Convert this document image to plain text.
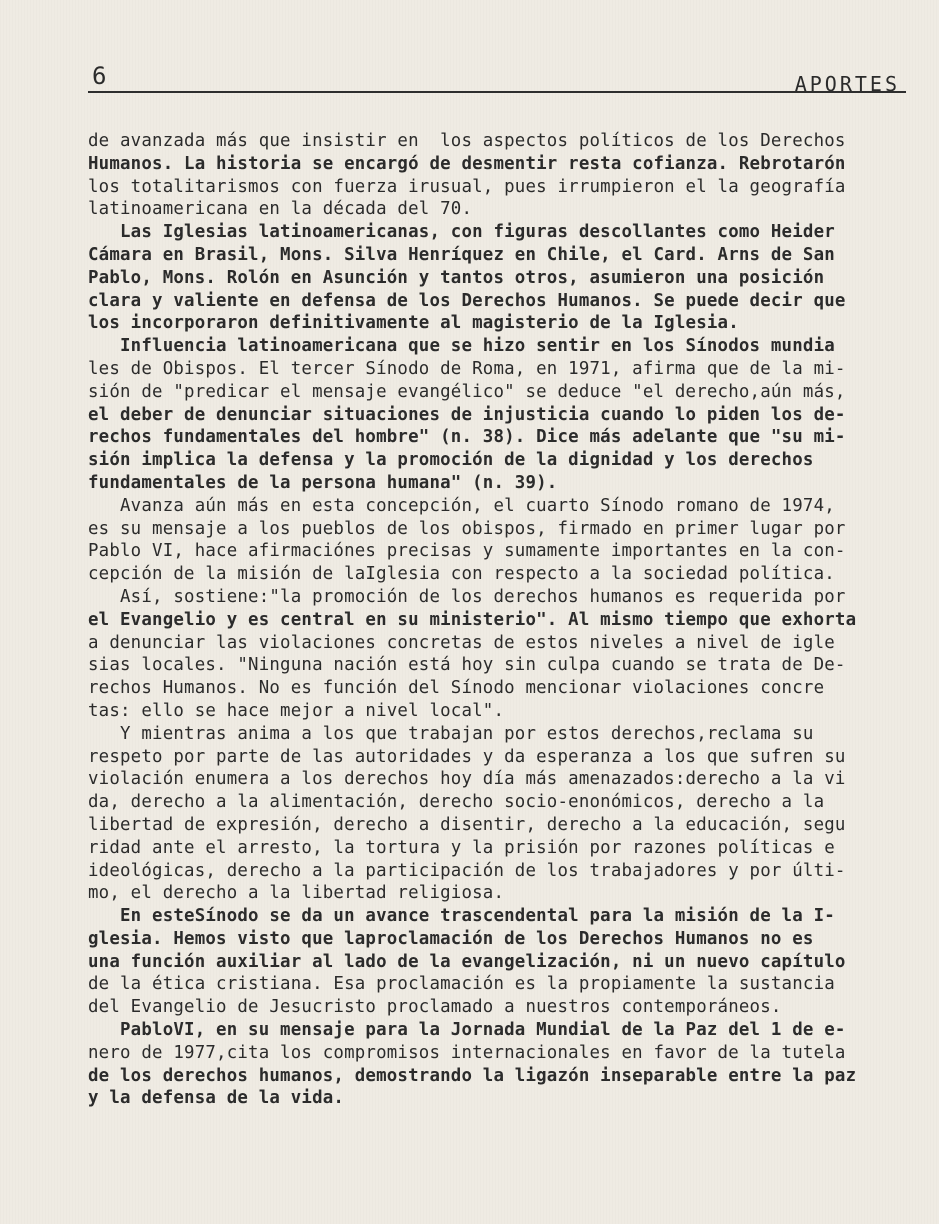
6	APORTES
de avanzada más que insistir en  los aspectos políticos de los Derechos
Humanos. La historia se encargó de desmentir resta cofianza. Rebrotarón
los totalitarismos con fuerza irusual, pues irrumpieron el la geografía
latinoamericana en la década del 70.
Las Iglesias latinoamericanas, con figuras descollantes como Heider
Cámara en Brasil, Mons. Silva Henríquez en Chile, el Card. Arns de San
Pablo, Mons. Rolón en Asunción y tantos otros, asumieron una posición
clara y valiente en defensa de los Derechos Humanos. Se puede decir que
los incorporaron definitivamente al magisterio de la Iglesia.
Influencia latinoamericana que se hizo sentir en los Sínodos mundia
les de Obispos. El tercer Sínodo de Roma, en 1971, afirma que de la mi-
sión de "predicar el mensaje evangélico" se deduce "el derecho,aún más,
el deber de denunciar situaciones de injusticia cuando lo piden los de-
rechos fundamentales del hombre" (n. 38). Dice más adelante que "su mi-
sión implica la defensa y la promoción de la dignidad y los derechos
fundamentales de la persona humana" (n. 39).
Avanza aún más en esta concepción, el cuarto Sínodo romano de 1974,
es su mensaje a los pueblos de los obispos, firmado en primer lugar por
Pablo VI, hace afirmaciónes precisas y sumamente importantes en la con-
cepción de la misión de laIglesia con respecto a la sociedad política.
Así, sostiene:"la promoción de los derechos humanos es requerida por
el Evangelio y es central en su ministerio". Al mismo tiempo que exhorta
a denunciar las violaciones concretas de estos niveles a nivel de igle
sias locales. "Ninguna nación está hoy sin culpa cuando se trata de De-
rechos Humanos. No es función del Sínodo mencionar violaciones concre
tas: ello se hace mejor a nivel local".
Y mientras anima a los que trabajan por estos derechos,reclama su
respeto por parte de las autoridades y da esperanza a los que sufren su
violación enumera a los derechos hoy día más amenazados:derecho a la vi
da, derecho a la alimentación, derecho socio-enonómicos, derecho a la
libertad de expresión, derecho a disentir, derecho a la educación, segu
ridad ante el arresto, la tortura y la prisión por razones políticas e
ideológicas, derecho a la participación de los trabajadores y por últi-
mo, el derecho a la libertad religiosa.
En esteSínodo se da un avance trascendental para la misión de la I-
glesia. Hemos visto que laproclamación de los Derechos Humanos no es
una función auxiliar al lado de la evangelización, ni un nuevo capítulo
de la ética cristiana. Esa proclamación es la propiamente la sustancia
del Evangelio de Jesucristo proclamado a nuestros contemporáneos.
PabloVI, en su mensaje para la Jornada Mundial de la Paz del 1 de e-
nero de 1977,cita los compromisos internacionales en favor de la tutela
de los derechos humanos, demostrando la ligazón inseparable entre la paz
y la defensa de la vida.
